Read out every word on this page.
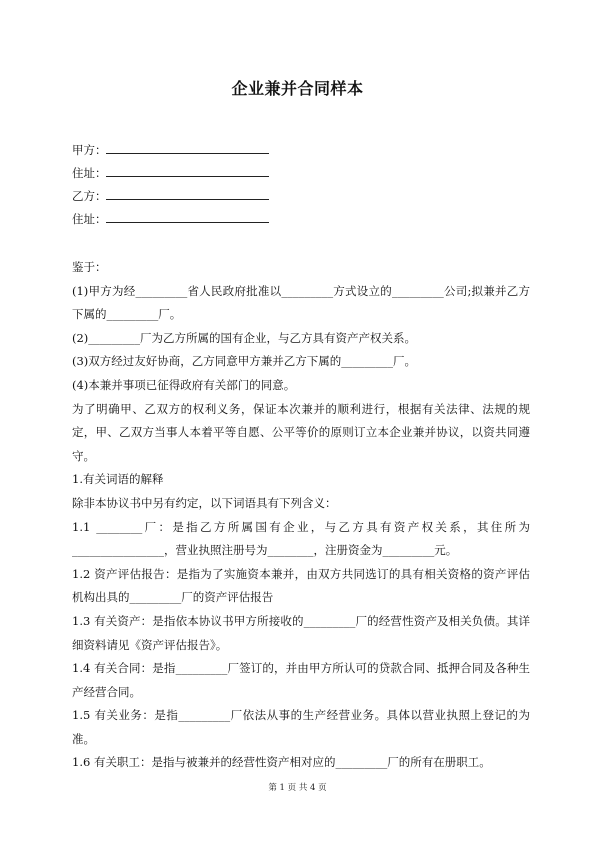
企业兼并合同样本
甲方：
住址：
乙方：
住址：

鉴于：

(1)甲方为经_________省人民政府批准以_________方式设立的_________公司;拟兼并乙方下属的_________厂。

(2)_________厂为乙方所属的国有企业，与乙方具有资产产权关系。

(3)双方经过友好协商，乙方同意甲方兼并乙方下属的_________厂。

(4)本兼并事项已征得政府有关部门的同意。

为了明确甲、乙双方的权利义务，保证本次兼并的顺利进行，根据有关法律、法规的规定，甲、乙双方当事人本着平等自愿、公平等价的原则订立本企业兼并协议，以资共同遵守。

1.有关词语的解释

除非本协议书中另有约定，以下词语具有下列含义：

1.1 ________厂：是指乙方所属国有企业，与乙方具有资产权关系，其住所为________________，营业执照注册号为________，注册资金为_________元。

1.2 资产评估报告：是指为了实施资本兼并，由双方共同选订的具有相关资格的资产评估机构出具的_________厂的资产评估报告

1.3 有关资产：是指依本协议书甲方所接收的_________厂的经营性资产及相关负债。其详细资料请见《资产评估报告》。

1.4 有关合同：是指_________厂签订的，并由甲方所认可的贷款合同、抵押合同及各种生产经营合同。

1.5 有关业务：是指_________厂依法从事的生产经营业务。具体以营业执照上登记的为准。

1.6 有关职工：是指与被兼并的经营性资产相对应的_________厂的所有在册职工。

第 1 页 共 4 页
